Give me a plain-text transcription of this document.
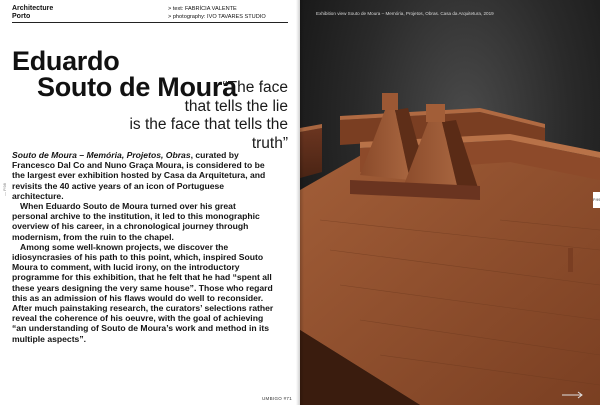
Architecture
Porto
> text: FABRÍCIA VALENTE
> photography: IVO TAVARES STUDIO
Eduardo
Souto de Moura
“The face
that tells the lie
is the face that tells the truth”

Souto de Moura – Memória, Projetos, Obras, curated by Francesco Dal Co and Nuno Graça Moura, is considered to be the largest ever exhibition hosted by Casa da Arquitetura, and revisits the 40 active years of an icon of Portuguese architecture.

When Eduardo Souto de Moura turned over his great personal archive to the institution, it led to this monographic overview of his career, in a chronological journey through modernism, from the ruin to the chapel.

Among some well-known projects, we discover the idiosyncrasies of his path to this point, which, inspired Souto Moura to comment, with lucid irony, on the introductory programme for this exhibition, that he felt that he had “spent all these years designing the very same house”. Those who regard this as an admission of his flaws would do well to reconsider. After much painstaking research, the curators’ selections rather reveal the coherence of his oeuvre, with the goal of achieving “an understanding of Souto de Moura’s work and method in its multiple aspects”.

— P.98
UMBIGO #71
Exhibition view Souto de Moura – Memória, Projetos, Obras. Casa da Arquitetura, 2019
P.99
